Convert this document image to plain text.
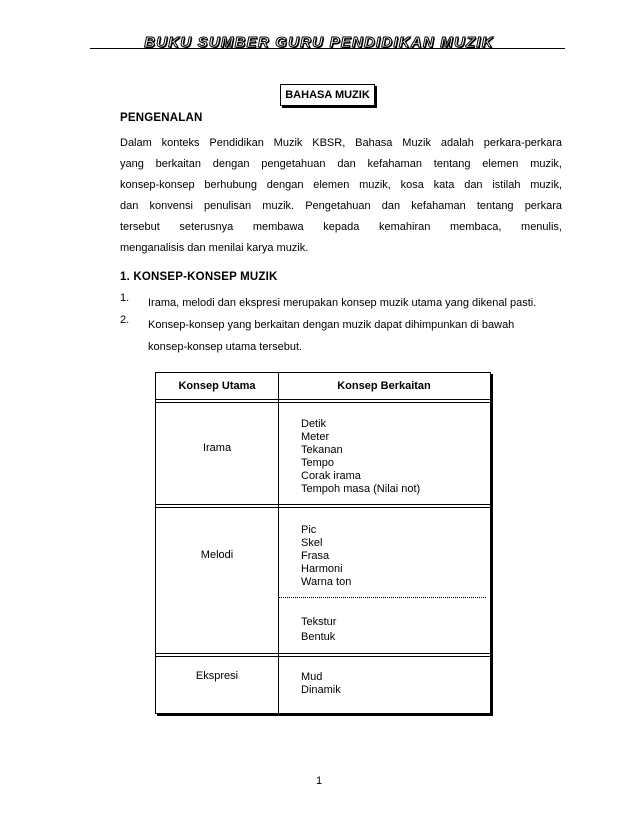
BUKU SUMBER GURU PENDIDIKAN MUZIK
BAHASA MUZIK
PENGENALAN
Dalam konteks Pendidikan Muzik KBSR, Bahasa Muzik adalah perkara-perkara
yang berkaitan dengan pengetahuan dan kefahaman tentang elemen muzik,
konsep-konsep berhubung dengan elemen muzik, kosa kata dan istilah muzik,
dan konvensi penulisan muzik. Pengetahuan dan kefahaman tentang perkara
tersebut seterusnya membawa kepada kemahiran membaca, menulis,
menganalisis dan menilai karya muzik.
1. KONSEP-KONSEP MUZIK
1. Irama, melodi dan ekspresi merupakan konsep muzik utama yang dikenal pasti.
2. Konsep-konsep yang berkaitan dengan muzik dapat dihimpunkan di bawah
konsep-konsep utama tersebut.
Konsep Utama	Konsep Berkaitan
Irama
Detik
Meter
Tekanan
Tempo
Corak irama
Tempoh masa (Nilai not)
Melodi
Pic
Skel
Frasa
Harmoni
Warna ton
Tekstur
Bentuk
Ekspresi	Mud
Dinamik
1
